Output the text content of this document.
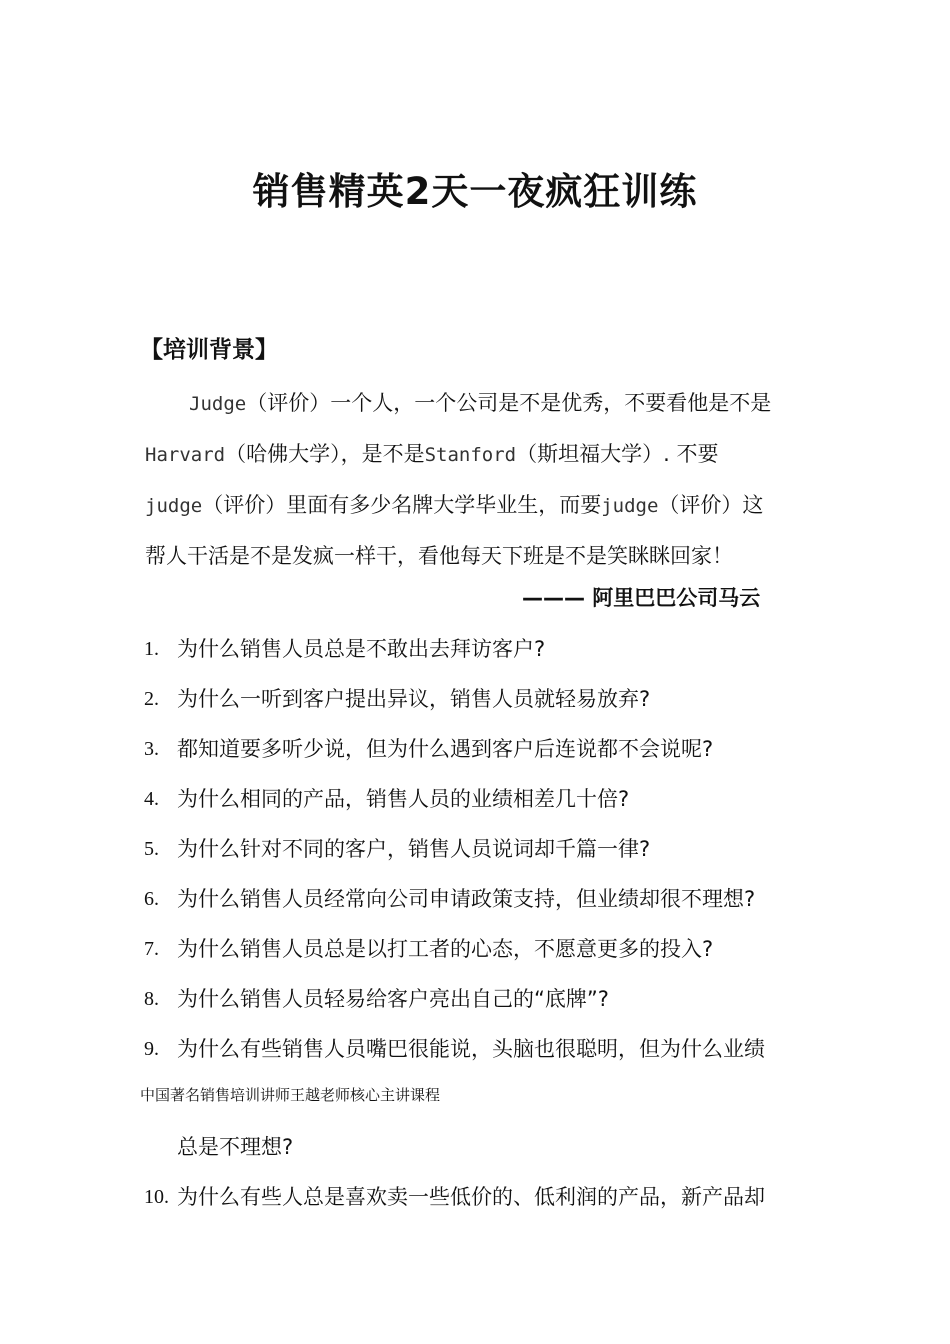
销售精英2天一夜疯狂训练
【培训背景】
Judge（评价）一个人，一个公司是不是优秀，不要看他是不是
Harvard（哈佛大学），是不是Stanford（斯坦福大学）. 不要
judge（评价）里面有多少名牌大学毕业生，而要judge（评价）这
帮人干活是不是发疯一样干，看他每天下班是不是笑眯眯回家！

——— 阿里巴巴公司马云

1. 为什么销售人员总是不敢出去拜访客户?
2. 为什么一听到客户提出异议，销售人员就轻易放弃?
3. 都知道要多听少说，但为什么遇到客户后连说都不会说呢?
4. 为什么相同的产品，销售人员的业绩相差几十倍?
5. 为什么针对不同的客户，销售人员说词却千篇一律?
6. 为什么销售人员经常向公司申请政策支持，但业绩却很不理想?
7. 为什么销售人员总是以打工者的心态，不愿意更多的投入?
8. 为什么销售人员轻易给客户亮出自己的“底牌”?
9. 为什么有些销售人员嘴巴很能说，头脑也很聪明，但为什么业绩

中国著名销售培训讲师王越老师核心主讲课程

总是不理想?
10. 为什么有些人总是喜欢卖一些低价的、低利润的产品，新产品却
